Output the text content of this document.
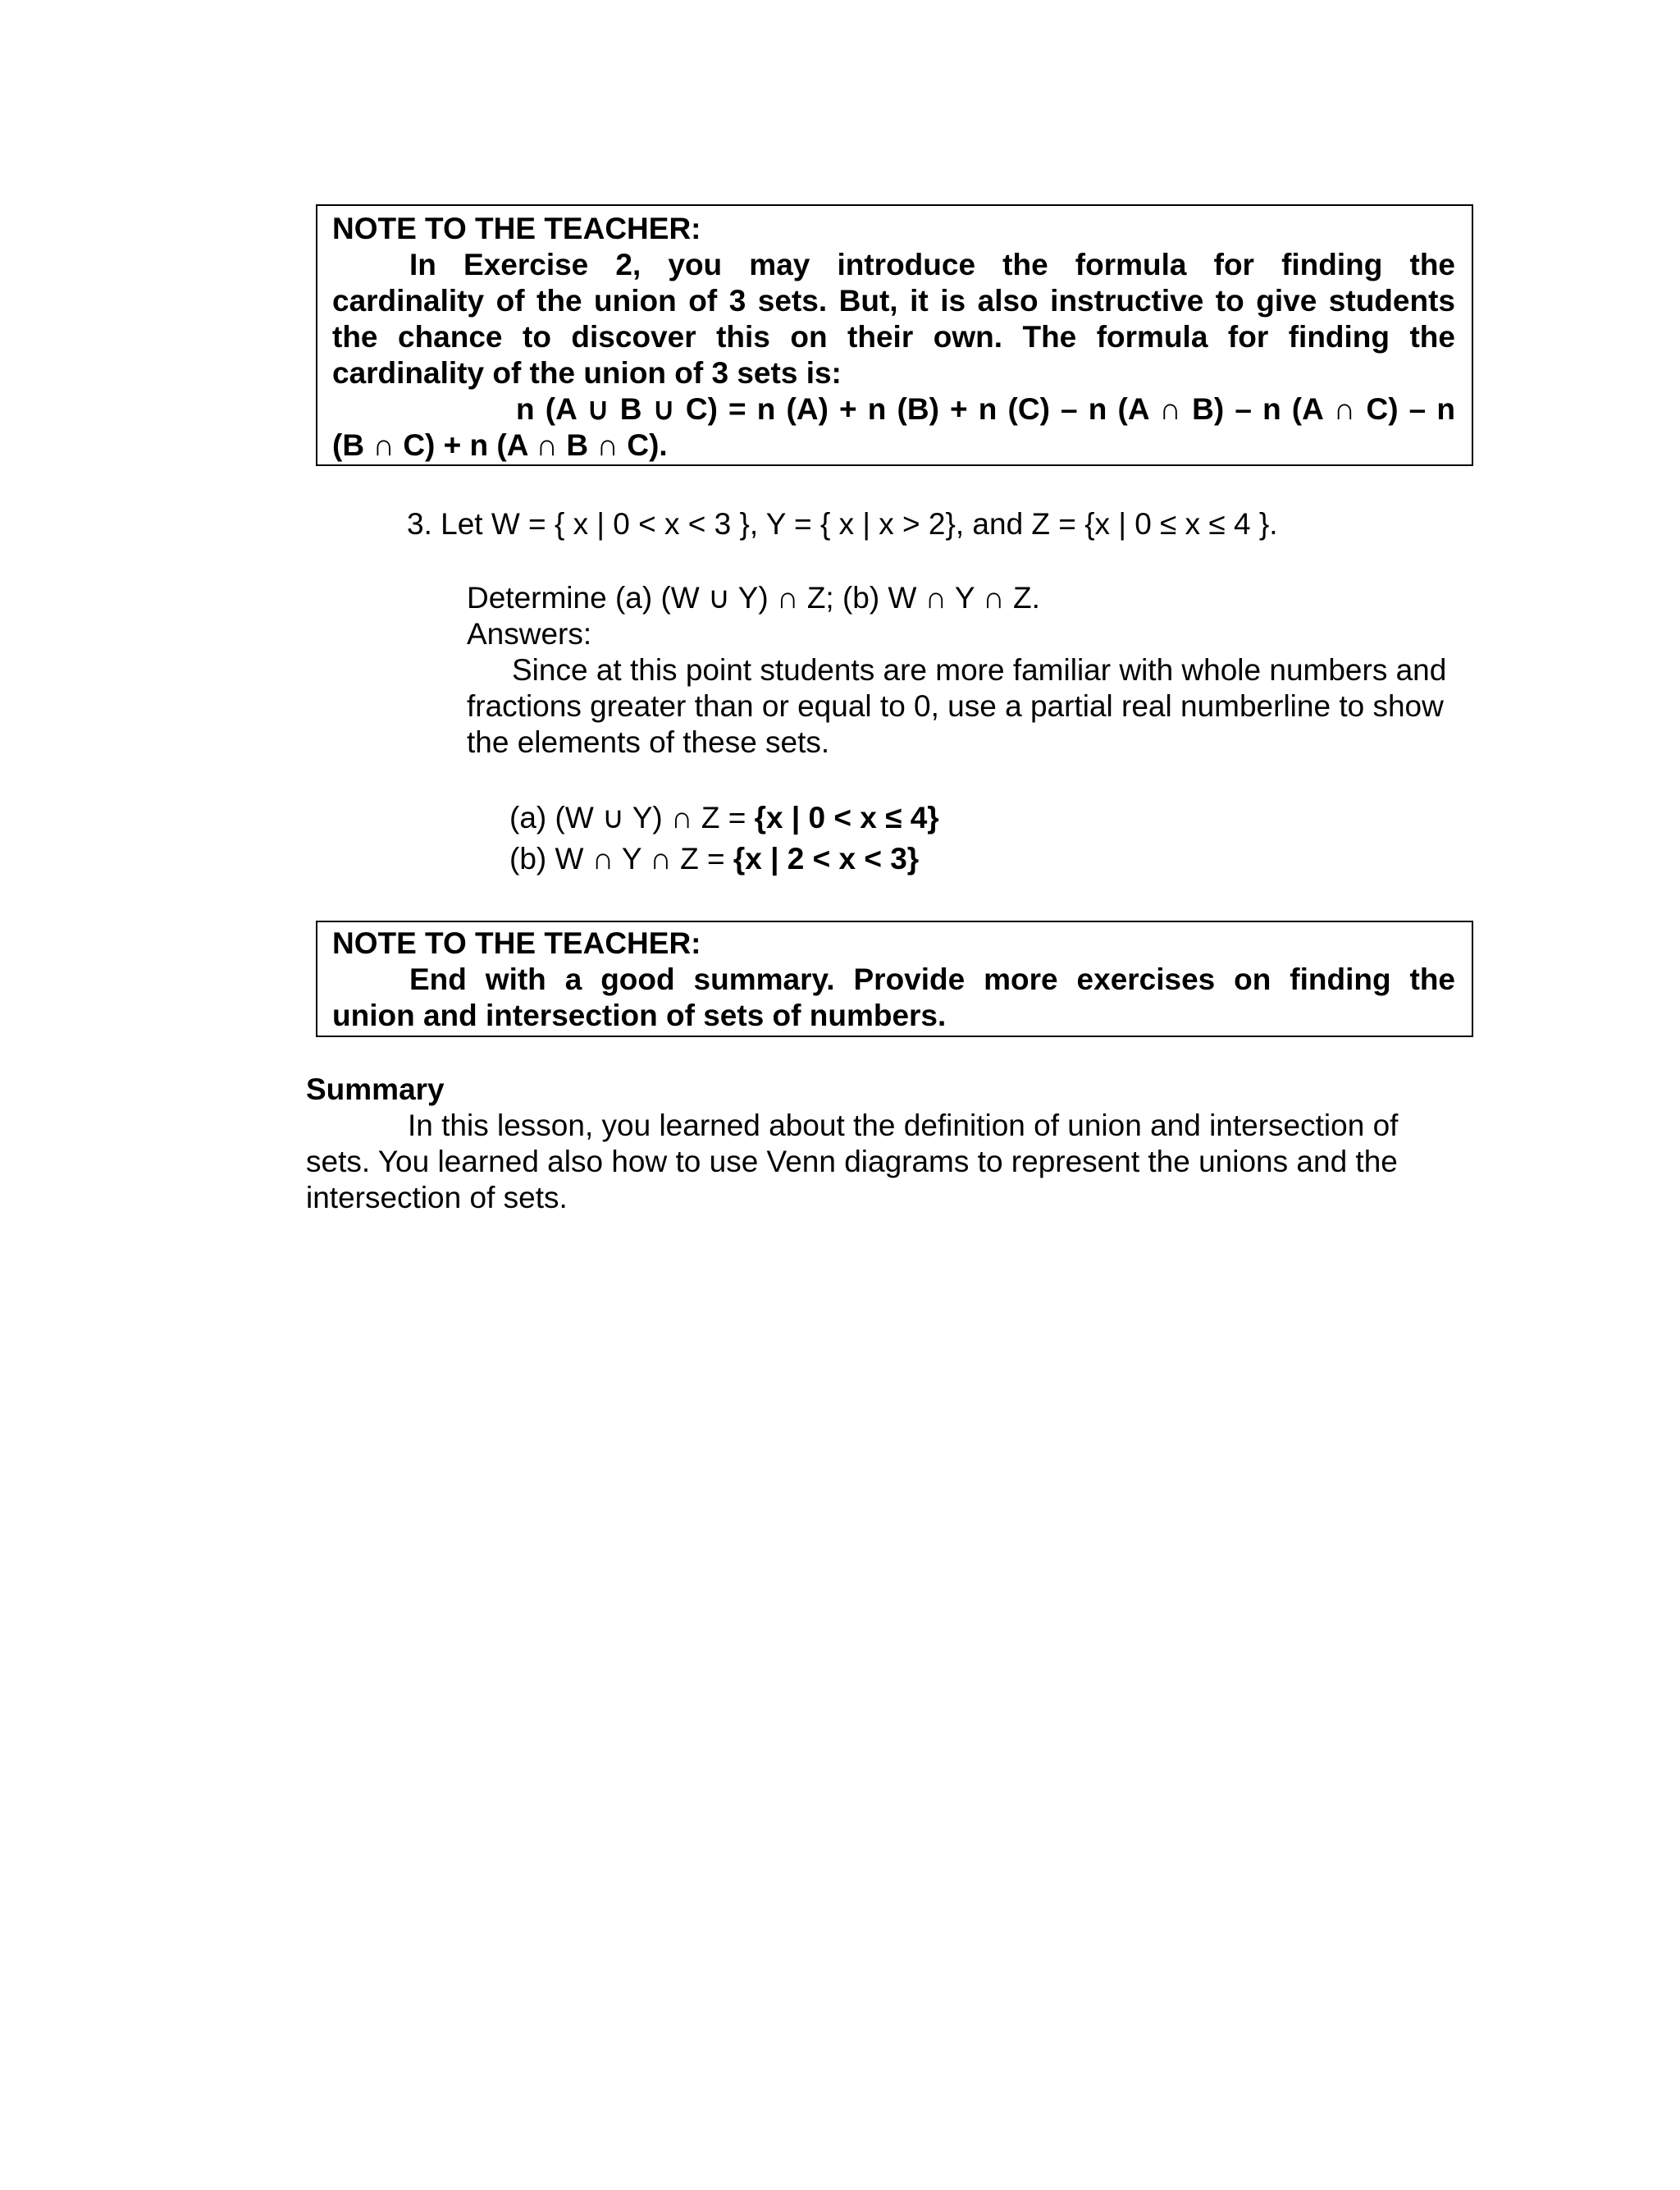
NOTE TO THE TEACHER:
In Exercise 2, you may introduce the formula for finding the
cardinality of the union of 3 sets. But, it is also instructive to give students
the chance to discover this on their own. The formula for finding the
cardinality of the union of 3 sets is:
n (A ∪ B ∪ C) = n (A) + n (B) + n (C) – n (A ∩ B) – n (A ∩ C) – n
(B ∩ C) + n (A ∩ B ∩ C).
3. Let W = { x | 0 < x < 3 }, Y = { x | x > 2}, and Z = {x | 0 ≤ x ≤ 4 }.
Determine (a) (W ∪ Y) ∩ Z; (b) W ∩ Y ∩ Z.
Answers:
Since at this point students are more familiar with whole numbers and
fractions greater than or equal to 0, use a partial real numberline to show
the elements of these sets.
(a) (W ∪ Y) ∩ Z = {x | 0 < x ≤ 4}
(b) W ∩ Y ∩ Z = {x | 2 < x < 3}
NOTE TO THE TEACHER:
End with a good summary. Provide more exercises on finding the
union and intersection of sets of numbers.
Summary
In this lesson, you learned about the definition of union and intersection of
sets. You learned also how to use Venn diagrams to represent the unions and the
intersection of sets.
